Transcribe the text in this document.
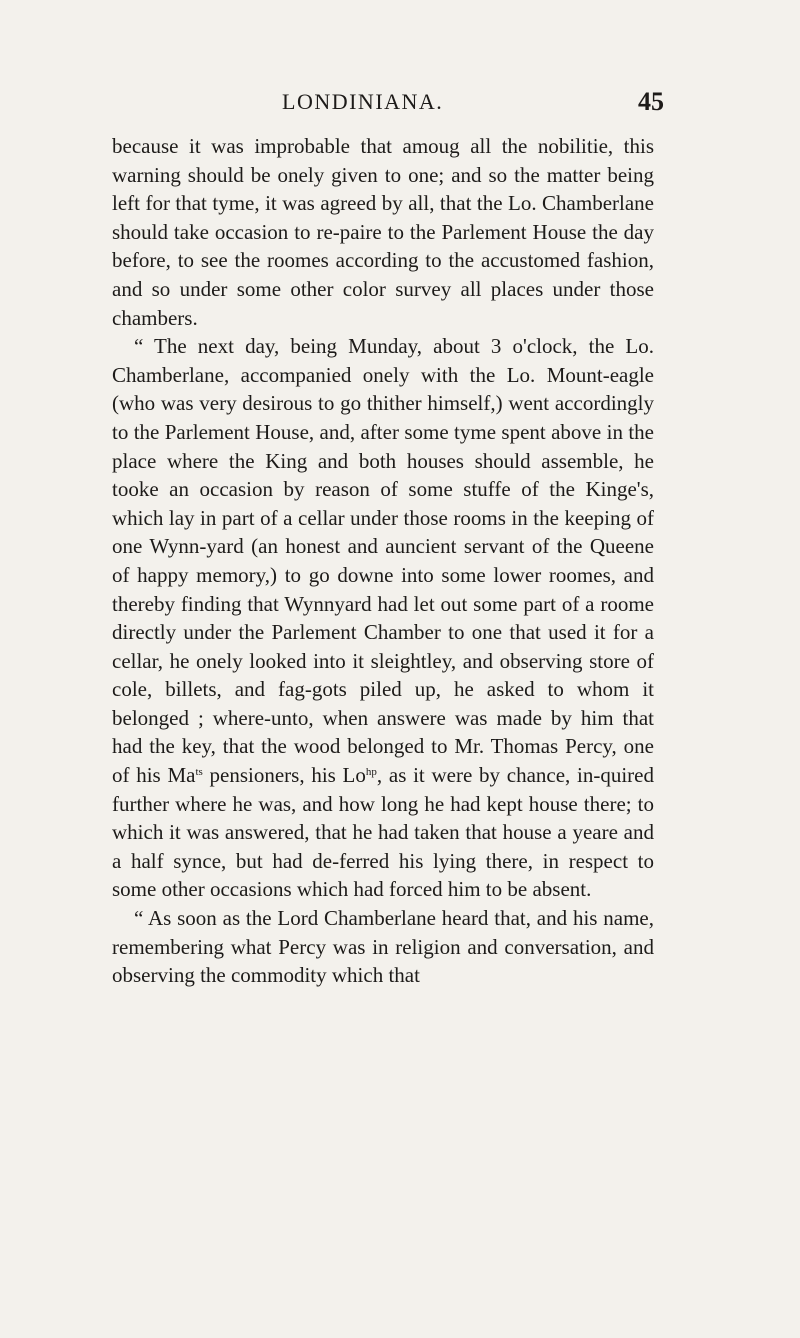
LONDINIANA.	45

because it was improbable that amoug all the nobilitie, this warning should be onely given to one; and so the matter being left for that tyme, it was agreed by all, that the Lo. Chamberlane should take occasion to re-paire to the Parlement House the day before, to see the roomes according to the accustomed fashion, and so under some other color survey all places under those chambers.

“ The next day, being Munday, about 3 o'clock, the Lo. Chamberlane, accompanied onely with the Lo. Mount-eagle (who was very desirous to go thither himself,) went accordingly to the Parlement House, and, after some tyme spent above in the place where the King and both houses should assemble, he tooke an occasion by reason of some stuffe of the Kinge's, which lay in part of a cellar under those rooms in the keeping of one Wynn-yard (an honest and auncient servant of the Queene of happy memory,) to go downe into some lower roomes, and thereby finding that Wynnyard had let out some part of a roome directly under the Parlement Chamber to one that used it for a cellar, he onely looked into it sleightley, and observing store of cole, billets, and fag-gots piled up, he asked to whom it belonged ; where-unto, when answere was made by him that had the key, that the wood belonged to Mr. Thomas Percy, one of his $Ma^{ts}$ pensioners, his $Lo^{hp}$, as it were by chance, in-quired further where he was, and how long he had kept house there; to which it was answered, that he had taken that house a yeare and a half synce, but had de-ferred his lying there, in respect to some other occasions which had forced him to be absent.

“ As soon as the Lord Chamberlane heard that, and his name, remembering what Percy was in religion and conversation, and observing the commodity which that
